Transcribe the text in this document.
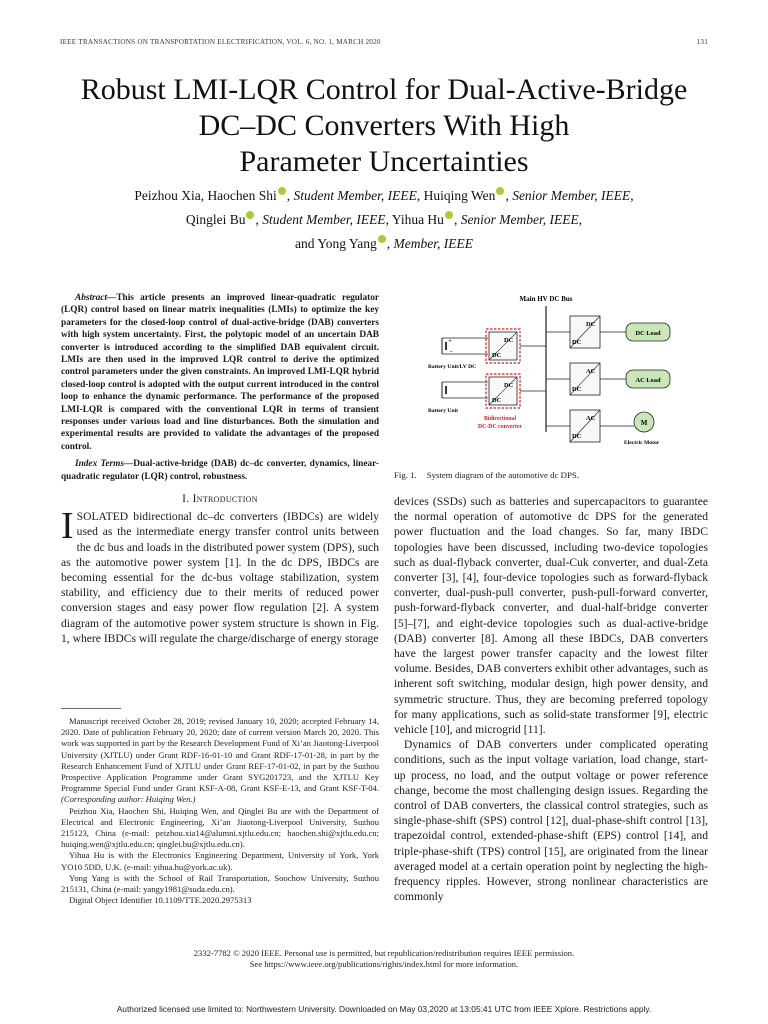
IEEE TRANSACTIONS ON TRANSPORTATION ELECTRIFICATION, VOL. 6, NO. 1, MARCH 2020	131
Robust LMI-LQR Control for Dual-Active-Bridge
DC–DC Converters With High
Parameter Uncertainties
Peizhou Xia, Haochen Shi , Student Member, IEEE, Huiqing Wen , Senior Member, IEEE,
Qinglei Bu , Student Member, IEEE, Yihua Hu , Senior Member, IEEE,
and Yong Yang , Member, IEEE
Abstract—This article presents an improved linear-quadratic regulator (LQR) control based on linear matrix inequalities (LMIs) to optimize the key parameters for the closed-loop control of dual-active-bridge (DAB) converters with high system uncertainty. First, the polytopic model of an uncertain DAB converter is introduced according to the simplified DAB equivalent circuit. LMIs are then used in the improved LQR control to derive the optimized control parameters under the given constraints. An improved LMI-LQR hybrid closed-loop control is adopted with the output current introduced in the control loop to enhance the dynamic performance. The performance of the proposed LMI-LQR is compared with the conventional LQR in terms of transient responses under various load and line disturbances. Both the simulation and experimental results are provided to validate the advantages of the proposed control.
Index Terms—Dual-active-bridge (DAB) dc–dc converter, dynamics, linear-quadratic regulator (LQR) control, robustness.
I. Introduction
ISOLATED bidirectional dc–dc converters (IBDCs) are widely used as the intermediate energy transfer control units between the dc bus and loads in the distributed power system (DPS), such as the automotive power system [1]. In the dc DPS, IBDCs are becoming essential for the dc-bus voltage stabilization, system stability, and efficiency due to their merits of reduced power conversion stages and easy power flow regulation [2]. A system diagram of the automotive power system structure is shown in Fig. 1, where IBDCs will regulate the charge/discharge of energy storage

Manuscript received October 28, 2019; revised January 10, 2020; accepted February 14, 2020. Date of publication February 20, 2020; date of current version March 20, 2020. This work was supported in part by the Research Development Fund of Xi’an Jiaotong-Liverpool University (XJTLU) under Grant RDF-16-01-10 and Grant RDF-17-01-28, in part by the Research Enhancement Fund of XJTLU under Grant REF-17-01-02, in part by the Suzhou Prospective Application Programme under Grant SYG201723, and the XJTLU Key Programme Special Fund under Grant KSF-A-08, Grant KSF-E-13, and Grant KSF-T-04. (Corresponding author: Huiqing Wen.)

Peizhou Xia, Haochen Shi, Huiqing Wen, and Qinglei Bu are with the Department of Electrical and Electronic Engineering, Xi’an Jiaotong-Liverpool University, Suzhou 215123, China (e-mail: peizhou.xia14@alumni.xjtlu.edu.cn; haochen.shi@xjtlu.edu.cn; huiqing.wen@xjtlu.edu.cn; qinglei.bu@xjtlu.edu.cn).

Yihua Hu is with the Electronics Engineering Department, University of York, York YO10 5DD, U.K. (e-mail: yihua.hu@york.ac.uk).

Yong Yang is with the School of Rail Transportation, Soochow University, Suzhou 215131, China (e-mail: yangy1981@suda.edu.cn).

Digital Object Identifier 10.1109/TTE.2020.2975313

Main HV DC Bus
+
-
Battery Unit/LV DC
DC
DC
Battery Unit
DC
DC
Bidirectional
DC-DC converter
DC
DC
DC Load
AC
DC
AC Load
AC
DC
M
Electric Motor
Fig. 1. System diagram of the automotive dc DPS.

devices (SSDs) such as batteries and supercapacitors to guarantee the normal operation of automotive dc DPS for the generated power fluctuation and the load changes. So far, many IBDC topologies have been discussed, including two-device topologies such as dual-flyback converter, dual-Cuk converter, and dual-Zeta converter [3], [4], four-device topologies such as forward-flyback converter, dual-push-pull converter, push-pull-forward converter, push-forward-flyback converter, and dual-half-bridge converter [5]–[7], and eight-device topologies such as dual-active-bridge (DAB) converter [8]. Among all these IBDCs, DAB converters have the largest power transfer capacity and the lowest filter volume. Besides, DAB converters exhibit other advantages, such as inherent soft switching, modular design, high power density, and symmetric structure. Thus, they are becoming preferred topology for many applications, such as solid-state transformer [9], electric vehicle [10], and microgrid [11].

Dynamics of DAB converters under complicated operating conditions, such as the input voltage variation, load change, start-up process, no load, and the output voltage or power reference change, become the most challenging design issues. Regarding the control of DAB converters, the classical control strategies, such as single-phase-shift (SPS) control [12], dual-phase-shift control [13], trapezoidal control, extended-phase-shift (EPS) control [14], and triple-phase-shift (TPS) control [15], are originated from the linear averaged model at a certain operation point by neglecting the high-frequency ripples. However, strong nonlinear characteristics are commonly

2332-7782 © 2020 IEEE. Personal use is permitted, but republication/redistribution requires IEEE permission.
See https://www.ieee.org/publications/rights/index.html for more information.
Authorized licensed use limited to: Northwestern University. Downloaded on May 03,2020 at 13:05:41 UTC from IEEE Xplore. Restrictions apply.
